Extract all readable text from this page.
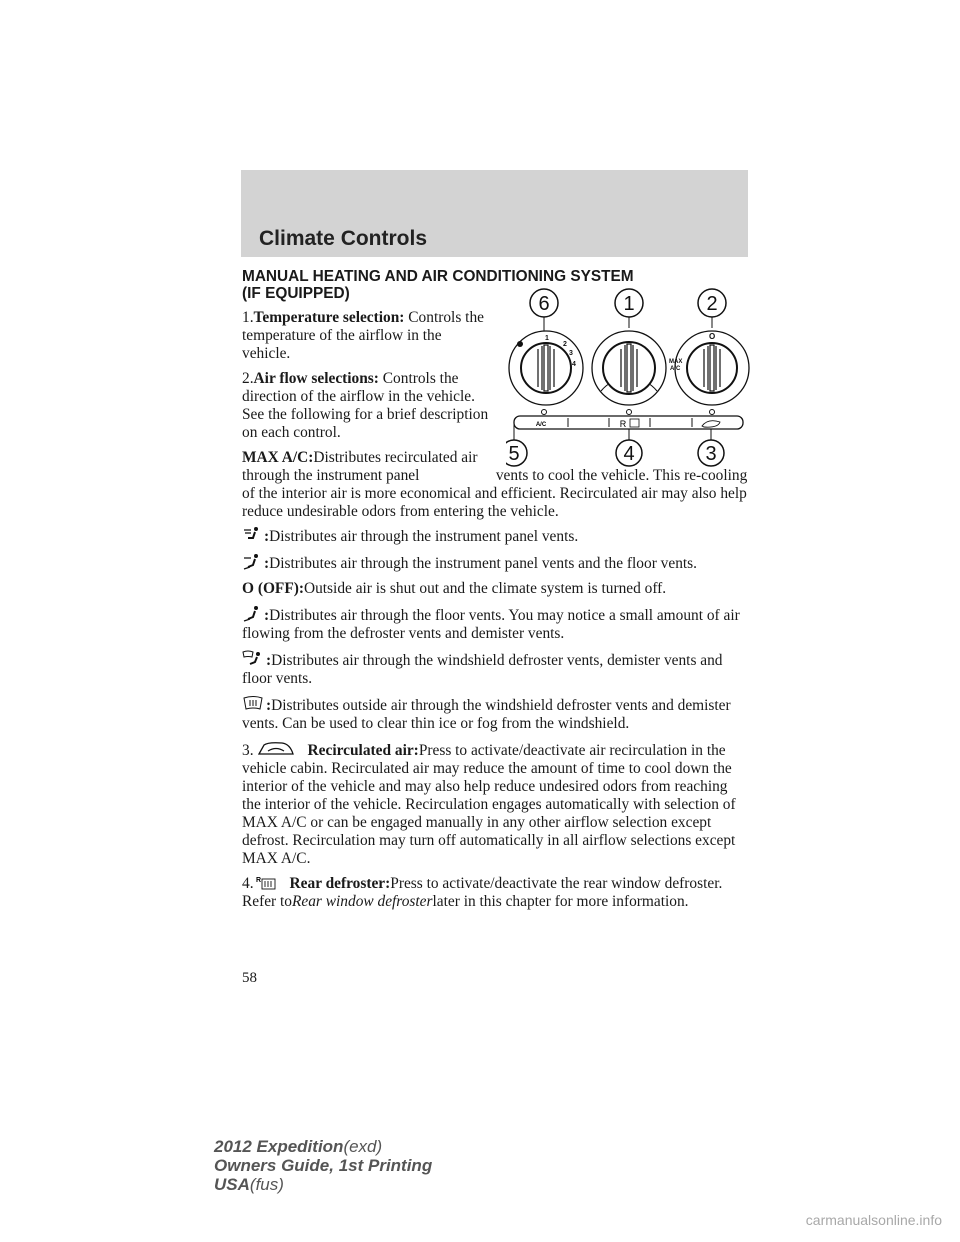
Climate Controls
6	1	2
5	4	3
1
2
3
4
O
MAX
A/C
A/C	R
MANUAL HEATING AND AIR CONDITIONING SYSTEM
(IF EQUIPPED)

1.Temperature selection: Controls the temperature of the airflow in the vehicle.

2.Air flow selections: Controls the direction of the airflow in the vehicle. See the following for a brief description on each control.

MAX A/C:Distributes recirculated air through the instrument panel	vents to cool the vehicle. This re-cooling of the interior air is more economical and efficient. Recirculated air may also help reduce undesirable odors from entering the vehicle.

:Distributes air through the instrument panel vents.

:Distributes air through the instrument panel vents and the floor vents.

O (OFF):Outside air is shut out and the climate system is turned off.

:Distributes air through the floor vents. You may notice a small amount of air flowing from the defroster vents and demister vents.

:Distributes air through the windshield defroster vents, demister vents and floor vents.

:Distributes outside air through the windshield defroster vents and demister vents. Can be used to clear thin ice or fog from the windshield.

3.	Recirculated air:Press to activate/deactivate air recirculation in the vehicle cabin. Recirculated air may reduce the amount of time to cool down the interior of the vehicle and may also help reduce undesired odors from reaching the interior of the vehicle. Recirculation engages automatically with selection of MAX A/C or can be engaged manually in any other airflow selection except defrost. Recirculation may turn off automatically in all airflow selections except MAX A/C.

4. R Rear defroster:Press to activate/deactivate the rear window defroster. Refer toRear window defrosterlater in this chapter for more information.

58
2012 Expedition(exd)
Owners Guide, 1st Printing
USA(fus)
carmanualsonline.info
